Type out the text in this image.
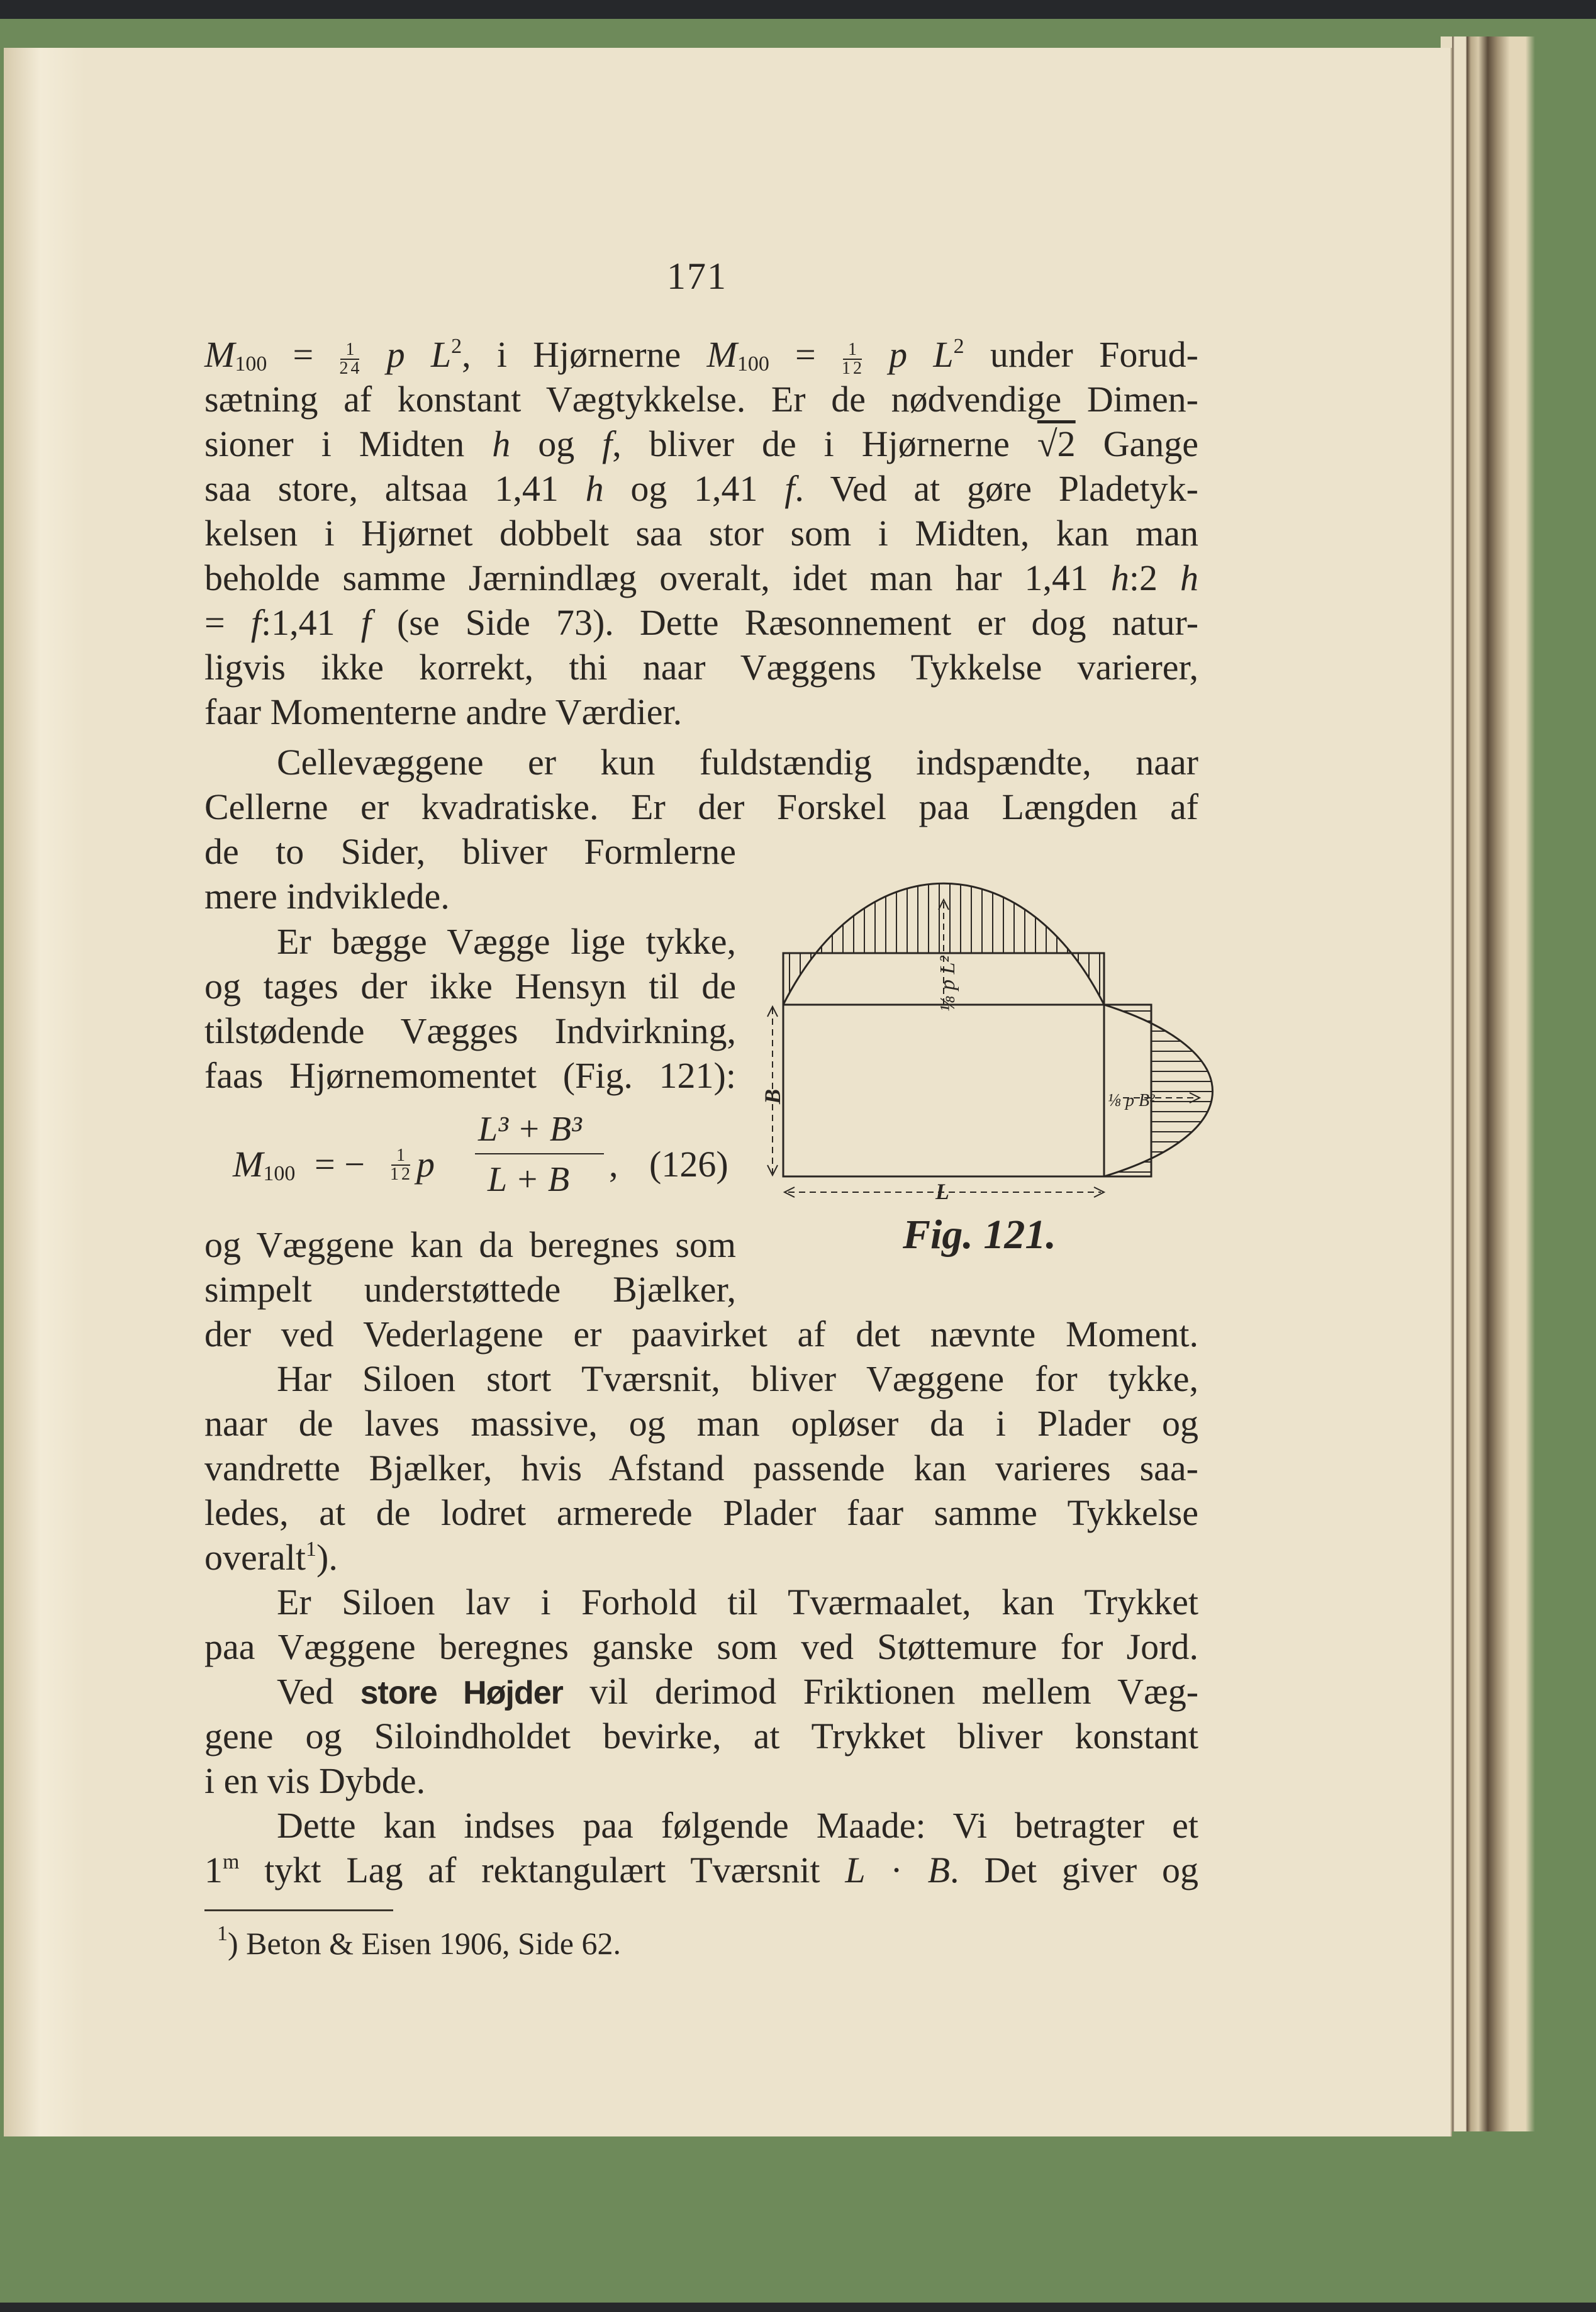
171
$M_{100} = \frac{1}{24}$ p $L^2$, i Hjørnerne $M_{100} = \frac{1}{12}$ p $L^2$ under Forud-
sætning af konstant Vægtykkelse. Er de nødvendige Dimen-
sioner i Midten h og f, bliver de i Hjørnerne √2 Gange
saa store, altsaa 1,41 h og 1,41 f. Ved at gøre Pladetyk-
kelsen i Hjørnet dobbelt saa stor som i Midten, kan man
beholde samme Jærnindlæg overalt, idet man har 1,41 h:2 h
= f:1,41 f (se Side 73). Dette Ræsonnement er dog natur-
ligvis ikke korrekt, thi naar Væggens Tykkelse varierer,
faar Momenterne andre Værdier.
Cellevæggene er kun fuldstændig indspændte, naar
Cellerne er kvadratiske. Er der Forskel paa Længden af
de to Sider, bliver Formlerne
mere indviklede.
Er bægge Vægge lige tykke,
og tages der ikke Hensyn til de
tilstødende Vægges Indvirkning,
faas Hjørnemomentet (Fig. 121):
$M_{100}$ = − 1
12 p
L³ + B³
L + B , (126)
og Væggene kan da beregnes som
simpelt understøttede Bjælker,
der ved Vederlagene er paavirket af det nævnte Moment.
Har Siloen stort Tværsnit, bliver Væggene for tykke,
naar de laves massive, og man opløser da i Plader og
vandrette Bjælker, hvis Afstand passende kan varieres saa-
ledes, at de lodret armerede Plader faar samme Tykkelse
overalt$^1$).
Er Siloen lav i Forhold til Tværmaalet, kan Trykket
paa Væggene beregnes ganske som ved Støttemure for Jord.
Ved store Højder vil derimod Friktionen mellem Væg-
gene og Siloindholdet bevirke, at Trykket bliver konstant
i en vis Dybde.
Dette kan indses paa følgende Maade: Vi betragter et
1$^m$ tykt Lag af rektangulært Tværsnit L · B. Det giver og
$^1$) Beton & Eisen 1906, Side 62.
⅛ p L²
⅛ p B²
L
B
Fig. 121.
